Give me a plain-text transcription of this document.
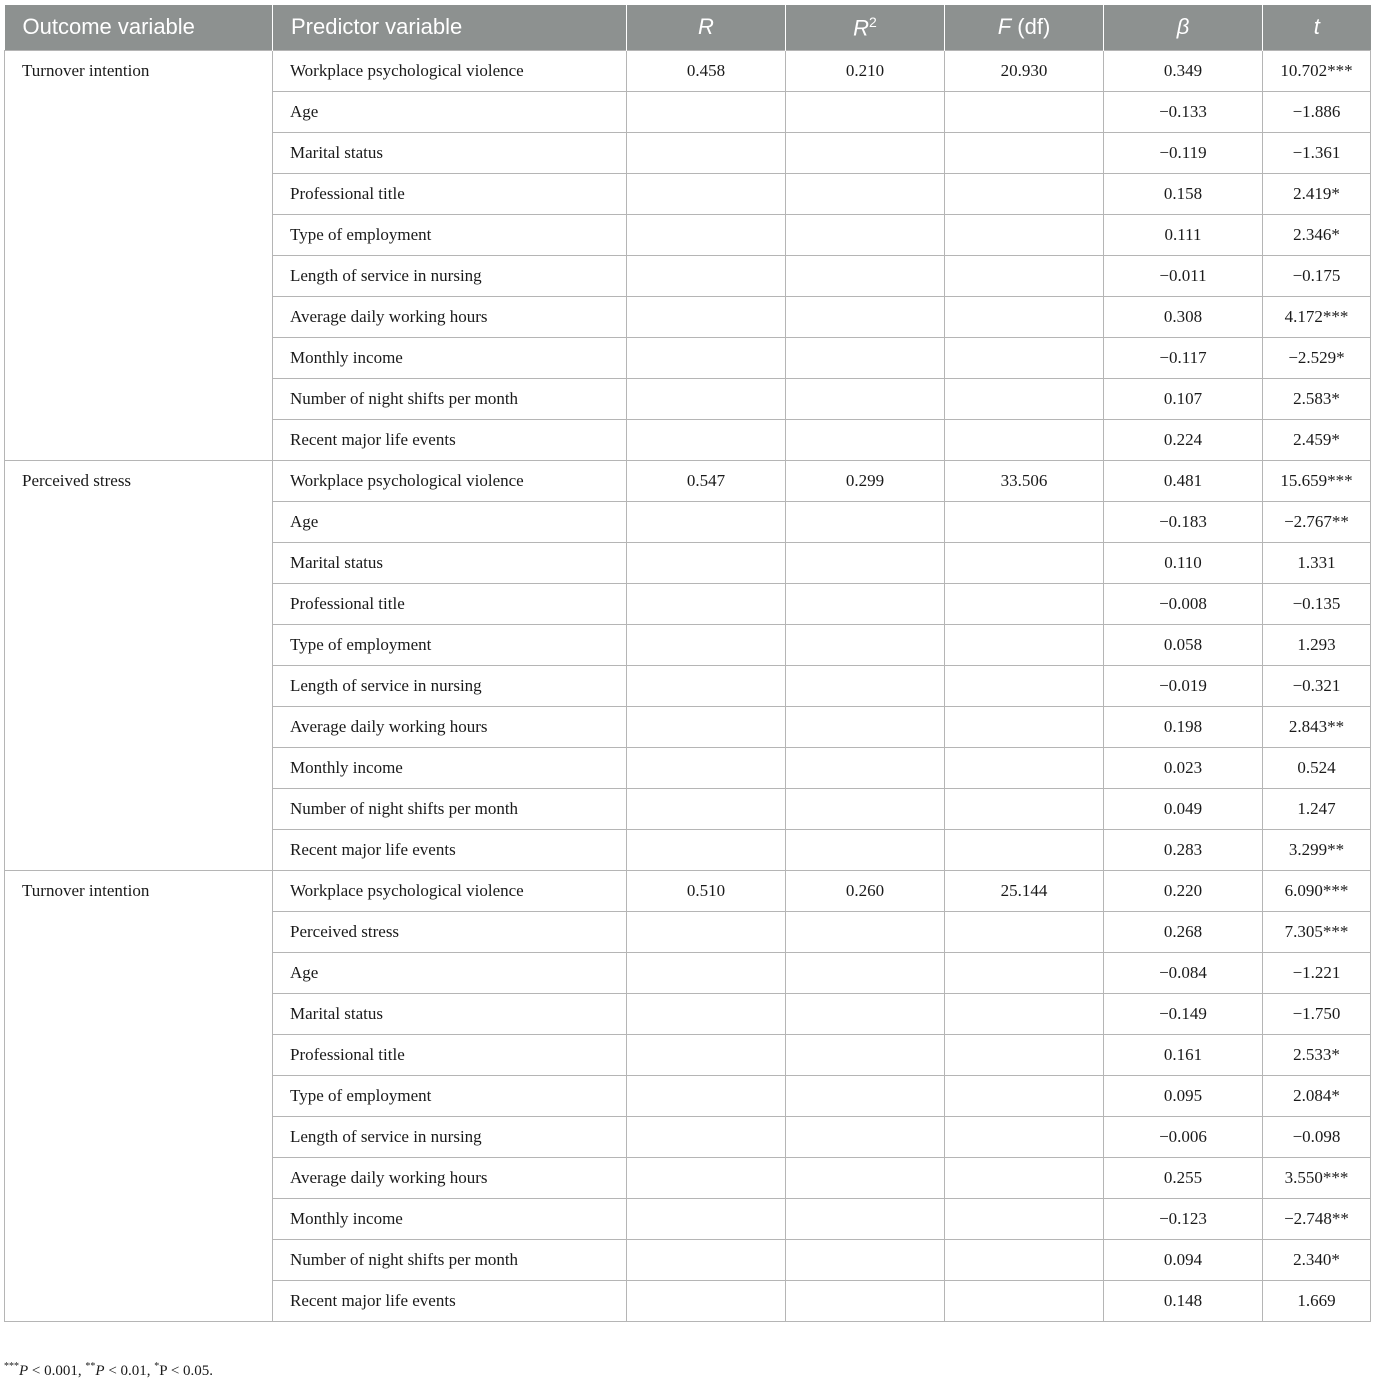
Outcome variable	Predictor variable	R	$R^2$	F (df)	β	t
Turnover intention	Workplace psychological violence	0.458	0.210	20.930	0.349	10.702***
	Age				−0.133	−1.886
	Marital status				−0.119	−1.361
	Professional title				0.158	2.419*
	Type of employment				0.111	2.346*
	Length of service in nursing				−0.011	−0.175
	Average daily working hours				0.308	4.172***
	Monthly income				−0.117	−2.529*
	Number of night shifts per month				0.107	2.583*
	Recent major life events				0.224	2.459*
Perceived stress	Workplace psychological violence	0.547	0.299	33.506	0.481	15.659***
	Age				−0.183	−2.767**
	Marital status				0.110	1.331
	Professional title				−0.008	−0.135
	Type of employment				0.058	1.293
	Length of service in nursing				−0.019	−0.321
	Average daily working hours				0.198	2.843**
	Monthly income				0.023	0.524
	Number of night shifts per month				0.049	1.247
	Recent major life events				0.283	3.299**
Turnover intention	Workplace psychological violence	0.510	0.260	25.144	0.220	6.090***
	Perceived stress				0.268	7.305***
	Age				−0.084	−1.221
	Marital status				−0.149	−1.750
	Professional title				0.161	2.533*
	Type of employment				0.095	2.084*
	Length of service in nursing				−0.006	−0.098
	Average daily working hours				0.255	3.550***
	Monthly income				−0.123	−2.748**
	Number of night shifts per month				0.094	2.340*
	Recent major life events				0.148	1.669
***P < 0.001, **P < 0.01, *P < 0.05.
